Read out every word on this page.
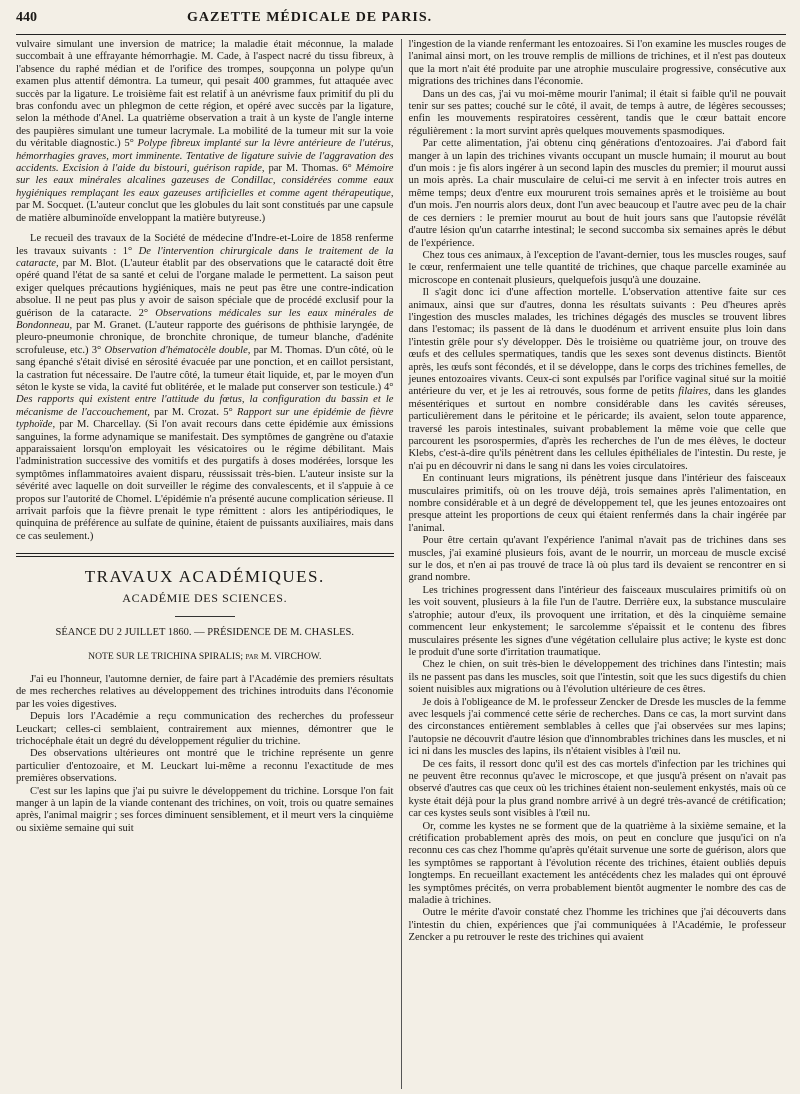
440	GAZETTE MÉDICALE DE PARIS.

vulvaire simulant une inversion de matrice; la maladie était méconnue, la malade succombait à une effrayante hémorrhagie. M. Cade, à l'aspect nacré du tissu fibreux, à l'absence du raphé médian et de l'orifice des trompes, soupçonna un polype qu'un examen plus attentif démontra. La tumeur, qui pesait 400 grammes, fut attaquée avec succès par la ligature. Le troisième fait est relatif à un anévrisme faux primitif du pli du bras confondu avec un phlegmon de cette région, et opéré avec succès par la ligature, selon la méthode d'Anel. La quatrième observation a trait à un kyste de l'angle interne des paupières simulant une tumeur lacrymale. La mobilité de la tumeur mit sur la voie du véritable diagnostic.) 5° Polype fibreux implanté sur la lèvre antérieure de l'utérus, hémorrhagies graves, mort imminente. Tentative de ligature suivie de l'aggravation des accidents. Excision à l'aide du bistouri, guérison rapide, par M. Thomas. 6° Mémoire sur les eaux minérales alcalines gazeuses de Condillac, considérées comme eaux hygiéniques remplaçant les eaux gazeuses artificielles et comme agent thérapeutique, par M. Socquet. (L'auteur conclut que les globules du lait sont constitués par une capsule de matière albuminoïde enveloppant la matière butyreuse.)

Le recueil des travaux de la Société de médecine d'Indre-et-Loire de 1858 renferme les travaux suivants : 1° De l'intervention chirurgicale dans le traitement de la cataracte, par M. Blot. (L'auteur établit par des observations que le cataracté doit être opéré quand l'état de sa santé et celui de l'organe malade le permettent. La saison peut exiger quelques précautions hygiéniques, mais ne peut pas être une contre-indication absolue. Il ne peut pas plus y avoir de saison spéciale que de procédé exclusif pour la guérison de la cataracte. 2° Observations médicales sur les eaux minérales de Bondonneau, par M. Granet. (L'auteur rapporte des guérisons de phthisie laryngée, de pleuro-pneumonie chronique, de bronchite chronique, de tumeur blanche, d'adénite scrofuleuse, etc.) 3° Observation d'hématocèle double, par M. Thomas. D'un côté, où le sang épanché s'était divisé en sérosité évacuée par une ponction, et en caillot persistant, la castration fut nécessaire. De l'autre côté, la tumeur était liquide, et, par le moyen d'un séton le kyste se vida, la cavité fut oblitérée, et le malade put conserver son testicule.) 4° Des rapports qui existent entre l'attitude du fœtus, la configuration du bassin et le mécanisme de l'accouchement, par M. Crozat. 5° Rapport sur une épidémie de fièvre typhoïde, par M. Charcellay. (Si l'on avait recours dans cette épidémie aux émissions sanguines, la forme adynamique se manifestait. Des symptômes de gangrène ou d'ataxie apparaissaient lorsqu'on employait les vésicatoires ou le régime débilitant. Mais l'administration successive des vomitifs et des purgatifs à doses modérées, lorsque les symptômes inflammatoires avaient disparu, réussissait très-bien. L'auteur insiste sur la sévérité avec laquelle on doit surveiller le régime des convalescents, et il s'appuie à ce propos sur l'autorité de Chomel. L'épidémie n'a présenté aucune complication sérieuse. Il arrivait parfois que la fièvre prenait le type rémittent : alors les antipériodiques, le quinquina de préférence au sulfate de quinine, étaient de puissants auxiliaires, mais dans ce cas seulement.)

TRAVAUX ACADÉMIQUES.
ACADÉMIE DES SCIENCES.
SÉANCE DU 2 JUILLET 1860. — PRÉSIDENCE DE M. CHASLES.
NOTE SUR LE TRICHINA SPIRALIS; par M. VIRCHOW.

J'ai eu l'honneur, l'automne dernier, de faire part à l'Académie des premiers résultats de mes recherches relatives au développement des trichines introduits dans l'économie par les voies digestives.

Depuis lors l'Académie a reçu communication des recherches du professeur Leuckart; celles-ci semblaient, contrairement aux miennes, démontrer que le trichocéphale était un degré du développement régulier du trichine.

Des observations ultérieures ont montré que le trichine représente un genre particulier d'entozoaire, et M. Leuckart lui-même a reconnu l'exactitude de mes premières observations.

C'est sur les lapins que j'ai pu suivre le développement du trichine. Lorsque l'on fait manger à un lapin de la viande contenant des trichines, on voit, trois ou quatre semaines après, l'animal maigrir ; ses forces diminuent sensiblement, et il meurt vers la cinquième ou sixième semaine qui suit

l'ingestion de la viande renfermant les entozoaires. Si l'on examine les muscles rouges de l'animal ainsi mort, on les trouve remplis de millions de trichines, et il n'est pas douteux que la mort n'ait été produite par une atrophie musculaire progressive, consécutive aux migrations des trichines dans l'économie.

Dans un des cas, j'ai vu moi-même mourir l'animal; il était si faible qu'il ne pouvait tenir sur ses pattes; couché sur le côté, il avait, de temps à autre, de légères secousses; enfin les mouvements respiratoires cessèrent, tandis que le cœur battait encore régulièrement : la mort survint après quelques mouvements spasmodiques.

Par cette alimentation, j'ai obtenu cinq générations d'entozoaires. J'ai d'abord fait manger à un lapin des trichines vivants occupant un muscle humain; il mourut au bout d'un mois : je fis alors ingérer à un second lapin des muscles du premier; il mourut aussi un mois après. La chair musculaire de celui-ci me servit à en infecter trois autres en même temps; deux d'entre eux moururent trois semaines après et le troisième au bout d'un mois. J'en nourris alors deux, dont l'un avec beaucoup et l'autre avec peu de la chair de ces derniers : le premier mourut au bout de huit jours sans que l'autopsie révélât d'autre lésion qu'un catarrhe intestinal; le second succomba six semaines après le début de l'expérience.

Chez tous ces animaux, à l'exception de l'avant-dernier, tous les muscles rouges, sauf le cœur, renfermaient une telle quantité de trichines, que chaque parcelle examinée au microscope en contenait plusieurs, quelquefois jusqu'à une douzaine.

Il s'agit donc ici d'une affection mortelle. L'observation attentive faite sur ces animaux, ainsi que sur d'autres, donna les résultats suivants : Peu d'heures après l'ingestion des muscles malades, les trichines dégagés des muscles se trouvent libres dans l'estomac; ils passent de là dans le duodénum et arrivent ensuite plus loin dans l'intestin grêle pour s'y développer. Dès le troisième ou quatrième jour, on trouve des œufs et des cellules spermatiques, tandis que les sexes sont devenus distincts. Bientôt après, les œufs sont fécondés, et il se développe, dans le corps des trichines femelles, de jeunes entozoaires vivants. Ceux-ci sont expulsés par l'orifice vaginal situé sur la moitié antérieure du ver, et je les ai retrouvés, sous forme de petits filaires, dans les glandes mésentériques et surtout en nombre considérable dans les cavités séreuses, particulièrement dans le péritoine et le péricarde; ils avaient, selon toute apparence, traversé les parois intestinales, suivant probablement la même voie que celle que parcourent les psorospermies, d'après les recherches de l'un de mes élèves, le docteur Klebs, c'est-à-dire qu'ils pénètrent dans les cellules épithéliales de l'intestin. Du reste, je n'ai pu en découvrir ni dans le sang ni dans les voies circulatoires.

En continuant leurs migrations, ils pénètrent jusque dans l'intérieur des faisceaux musculaires primitifs, où on les trouve déjà, trois semaines après l'alimentation, en nombre considérable et à un degré de développement tel, que les jeunes entozoaires ont presque atteint les proportions de ceux qui étaient renfermés dans la chair ingérée par l'animal.

Pour être certain qu'avant l'expérience l'animal n'avait pas de trichines dans ses muscles, j'ai examiné plusieurs fois, avant de le nourrir, un morceau de muscle excisé sur le dos, et n'en ai pas trouvé de trace là où plus tard ils devaient se rencontrer en si grand nombre.

Les trichines progressent dans l'intérieur des faisceaux musculaires primitifs où on les voit souvent, plusieurs à la file l'un de l'autre. Derrière eux, la substance musculaire s'atrophie; autour d'eux, ils provoquent une irritation, et dès la cinquième semaine commencent leur enkystement; le sarcolemme s'épaissit et le contenu des fibres musculaires présente les signes d'une végétation cellulaire plus active; le kyste est donc le produit d'une sorte d'irritation traumatique.

Chez le chien, on suit très-bien le développement des trichines dans l'intestin; mais ils ne passent pas dans les muscles, soit que l'intestin, soit que les sucs digestifs du chien soient nuisibles aux migrations ou à l'évolution ultérieure de ces êtres.

Je dois à l'obligeance de M. le professeur Zencker de Dresde les muscles de la femme avec lesquels j'ai commencé cette série de recherches. Dans ce cas, la mort survint dans des circonstances entièrement semblables à celles que j'ai observées sur mes lapins; l'autopsie ne découvrit d'autre lésion que d'innombrables trichines dans les muscles, et ni ici ni dans les muscles des lapins, ils n'étaient visibles à l'œil nu.

De ces faits, il ressort donc qu'il est des cas mortels d'infection par les trichines qui ne peuvent être reconnus qu'avec le microscope, et que jusqu'à présent on n'avait pas observé d'autres cas que ceux où les trichines étaient non-seulement enkystés, mais où ce kyste était déjà pour la plus grand nombre arrivé à un degré très-avancé de crétification; car ces kystes seuls sont visibles à l'œil nu.

Or, comme les kystes ne se forment que de la quatrième à la sixième semaine, et la crétification probablement après des mois, on peut en conclure que jusqu'ici on n'a reconnu ces cas chez l'homme qu'après qu'était survenue une sorte de guérison, alors que les symptômes se rapportant à l'évolution récente des trichines, étaient oubliés depuis longtemps. En recueillant exactement les antécédents chez les malades qui ont éprouvé les symptômes précités, on verra probablement bientôt augmenter le nombre des cas de maladie à trichines.

Outre le mérite d'avoir constaté chez l'homme les trichines que j'ai découverts dans l'intestin du chien, expériences que j'ai communiquées à l'Académie, le professeur Zencker a pu retrouver le reste des trichines qui avaient
